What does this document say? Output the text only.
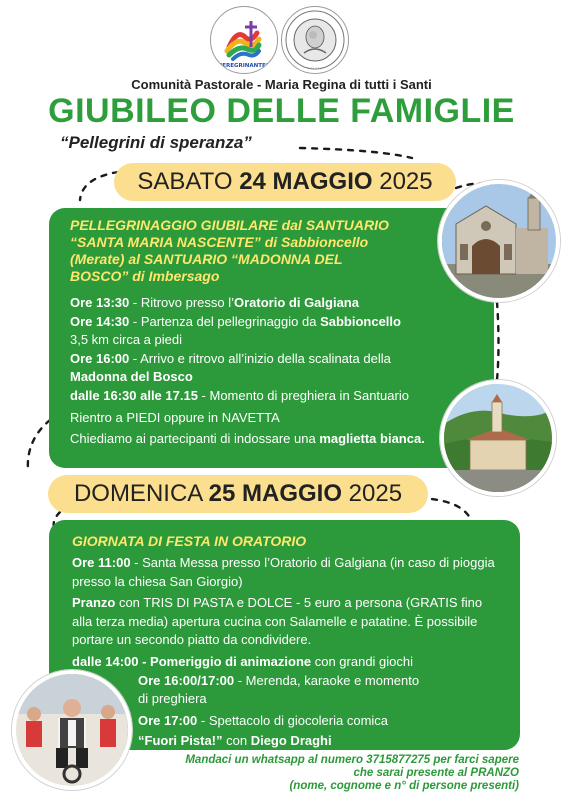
PEREGRINANTES	· · · · · · · ·
Comunità Pastorale - Maria Regina di tutti i Santi
GIUBILEO DELLE FAMIGLIE
“Pellegrini di speranza”
SABATO 24 MAGGIO 2025
PELLEGRINAGGIO GIUBILARE dal SANTUARIO
“SANTA MARIA NASCENTE” di Sabbioncello
(Merate) al SANTUARIO “MADONNA DEL
BOSCO” di Imbersago

Ore 13:30 - Ritrovo presso l’Oratorio di Galgiana

Ore 14:30 - Partenza del pellegrinaggio da Sabbioncello

3,5 km circa a piedi

Ore 16:00 - Arrivo e ritrovo all’inizio della scalinata della Madonna del Bosco

dalle 16:30 alle 17.15 - Momento di preghiera in Santuario

Rientro a PIEDI oppure in NAVETTA

Chiediamo ai partecipanti di indossare una maglietta bianca.

DOMENICA 25 MAGGIO 2025
GIORNATA DI FESTA IN ORATORIO

Ore 11:00 - Santa Messa presso l’Oratorio di Galgiana (in caso di pioggia presso la chiesa San Giorgio)

Pranzo con TRIS DI PASTA e DOLCE - 5 euro a persona (GRATIS fino alla terza media) apertura cucina con Salamelle e patatine. È possibile portare un secondo piatto da condividere.

dalle 14:00 - Pomeriggio di animazione con grandi giochi

Ore 16:00/17:00 - Merenda, karaoke e momento di preghiera

Ore 17:00 - Spettacolo di giocoleria comica

“Fuori Pista!” con Diego Draghi

Mandaci un whatsapp al numero 3715877275 per farci sapere
che sarai presente al PRANZO
(nome, cognome e n° di persone presenti)
